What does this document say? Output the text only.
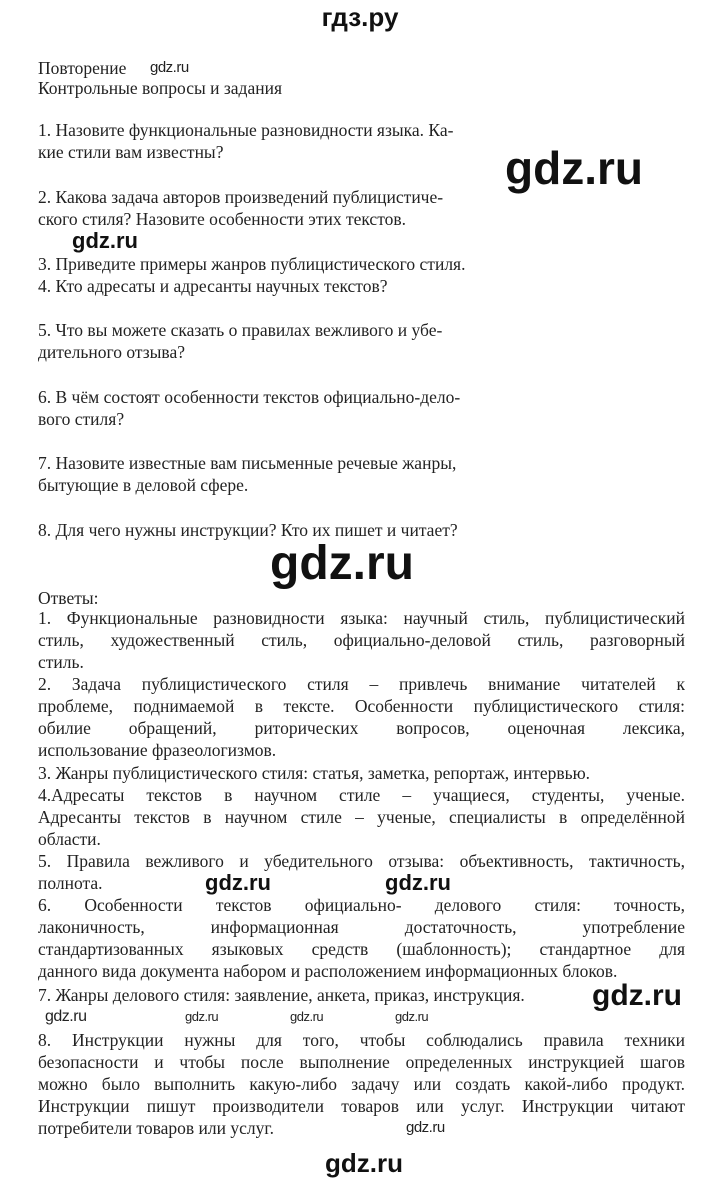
гдз.ру
Повторение
Контрольные вопросы и задания
1. Назовите функциональные разновидности языка. Ка-
кие стили вам известны?
2. Какова задача авторов произведений публицистиче-
ского стиля? Назовите особенности этих текстов.
3. Приведите примеры жанров публицистического стиля.
4. Кто адресаты и адресанты научных текстов?
5. Что вы можете сказать о правилах вежливого и убе-
дительного отзыва?
6. В чём состоят особенности текстов официально-дело-
вого стиля?
7. Назовите известные вам письменные речевые жанры,
бытующие в деловой сфере.
8. Для чего нужны инструкции? Кто их пишет и читает?
Ответы:
1. Функциональные разновидности языка: научный стиль, публицистический
стиль, художественный стиль, официально-деловой стиль, разговорный
стиль.
2. Задача публицистического стиля – привлечь внимание читателей к
проблеме, поднимаемой в тексте. Особенности публицистического стиля:
обилие обращений, риторических вопросов, оценочная лексика,
использование фразеологизмов.
3. Жанры публицистического стиля: статья, заметка, репортаж, интервью.
4.Адресаты текстов в научном стиле – учащиеся, студенты, ученые.
Адресанты текстов в научном стиле – ученые, специалисты в определённой
области.
5. Правила вежливого и убедительного отзыва: объективность, тактичность,
полнота.
6. Особенности текстов официально- делового стиля: точность,
лаконичность, информационная достаточность, употребление
стандартизованных языковых средств (шаблонность); стандартное для
данного вида документа набором и расположением информационных блоков.
7. Жанры делового стиля: заявление, анкета, приказ, инструкция.
8. Инструкции нужны для того, чтобы соблюдались правила техники
безопасности и чтобы после выполнение определенных инструкцией шагов
можно было выполнить какую-либо задачу или создать какой-либо продукт.
Инструкции пишут производители товаров или услуг. Инструкции читают
потребители товаров или услуг.
gdz.ru
gdz.ru
gdz.ru
gdz.ru
gdz.ru	gdz.ru
gdz.ru
gdz.ru	gdz.ru	gdz.ru	gdz.ru
gdz.ru
gdz.ru
